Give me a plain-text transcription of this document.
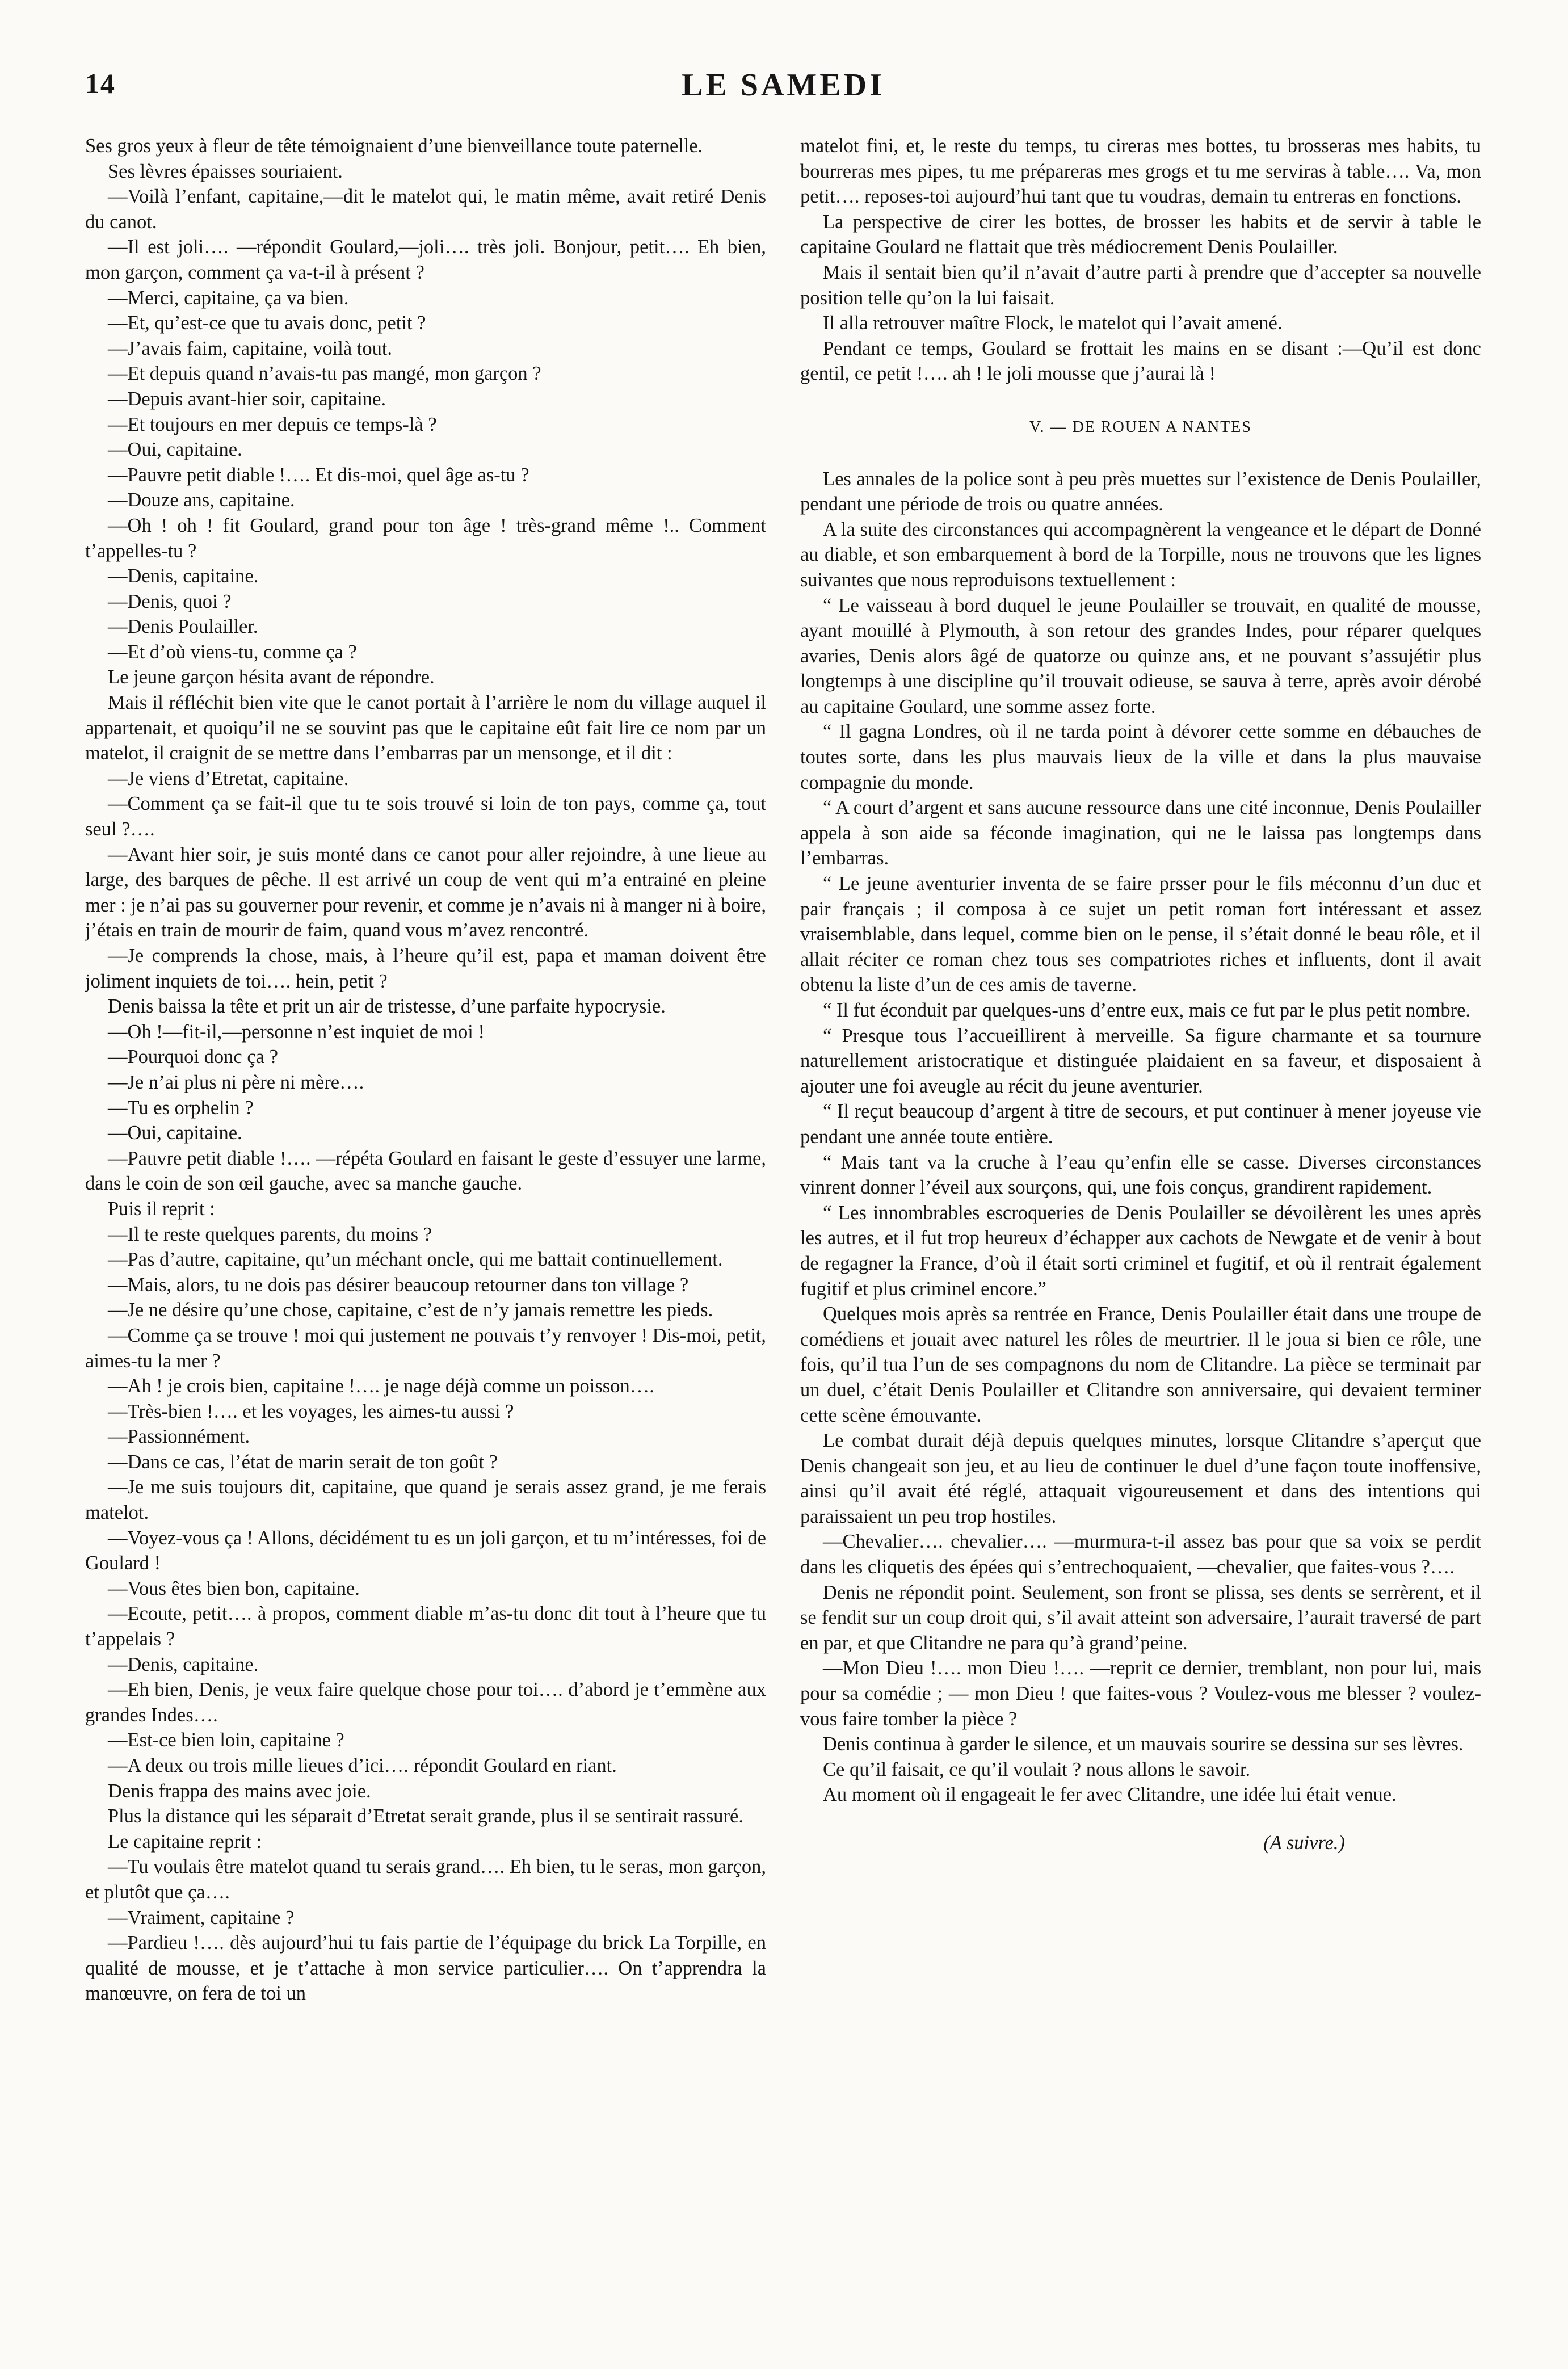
14	LE SAMEDI

Ses gros yeux à fleur de tête témoignaient d’une bienveillance toute paternelle.

Ses lèvres épaisses souriaient.

—Voilà l’enfant, capitaine,—dit le matelot qui, le matin même, avait retiré Denis du canot.

—Il est joli…. —répondit Goulard,—joli…. très joli. Bonjour, petit…. Eh bien, mon garçon, comment ça va-t-il à présent ?

—Merci, capitaine, ça va bien.

—Et, qu’est-ce que tu avais donc, petit ?

—J’avais faim, capitaine, voilà tout.

—Et depuis quand n’avais-tu pas mangé, mon garçon ?

—Depuis avant-hier soir, capitaine.

—Et toujours en mer depuis ce temps-là ?

—Oui, capitaine.

—Pauvre petit diable !…. Et dis-moi, quel âge as-tu ?

—Douze ans, capitaine.

—Oh ! oh ! fit Goulard, grand pour ton âge ! très-grand même !.. Comment t’appelles-tu ?

—Denis, capitaine.

—Denis, quoi ?

—Denis Poulailler.

—Et d’où viens-tu, comme ça ?

Le jeune garçon hésita avant de répondre.

Mais il réfléchit bien vite que le canot portait à l’arrière le nom du village auquel il appartenait, et quoiqu’il ne se souvint pas que le capitaine eût fait lire ce nom par un matelot, il craignit de se mettre dans l’embarras par un mensonge, et il dit :

—Je viens d’Etretat, capitaine.

—Comment ça se fait-il que tu te sois trouvé si loin de ton pays, comme ça, tout seul ?….

—Avant hier soir, je suis monté dans ce canot pour aller rejoindre, à une lieue au large, des barques de pêche. Il est arrivé un coup de vent qui m’a entrainé en pleine mer : je n’ai pas su gouverner pour revenir, et comme je n’avais ni à manger ni à boire, j’étais en train de mourir de faim, quand vous m’avez rencontré.

—Je comprends la chose, mais, à l’heure qu’il est, papa et maman doivent être joliment inquiets de toi…. hein, petit ?

Denis baissa la tête et prit un air de tristesse, d’une parfaite hypocrysie.

—Oh !—fit-il,—personne n’est inquiet de moi !

—Pourquoi donc ça ?

—Je n’ai plus ni père ni mère….

—Tu es orphelin ?

—Oui, capitaine.

—Pauvre petit diable !…. —répéta Goulard en faisant le geste d’essuyer une larme, dans le coin de son œil gauche, avec sa manche gauche.

Puis il reprit :

—Il te reste quelques parents, du moins ?

—Pas d’autre, capitaine, qu’un méchant oncle, qui me battait continuellement.

—Mais, alors, tu ne dois pas désirer beaucoup retourner dans ton village ?

—Je ne désire qu’une chose, capitaine, c’est de n’y jamais remettre les pieds.

—Comme ça se trouve ! moi qui justement ne pouvais t’y renvoyer ! Dis-moi, petit, aimes-tu la mer ?

—Ah ! je crois bien, capitaine !…. je nage déjà comme un poisson….

—Très-bien !…. et les voyages, les aimes-tu aussi ?

—Passionnément.

—Dans ce cas, l’état de marin serait de ton goût ?

—Je me suis toujours dit, capitaine, que quand je serais assez grand, je me ferais matelot.

—Voyez-vous ça ! Allons, décidément tu es un joli garçon, et tu m’intéresses, foi de Goulard !

—Vous êtes bien bon, capitaine.

—Ecoute, petit…. à propos, comment diable m’as-tu donc dit tout à l’heure que tu t’appelais ?

—Denis, capitaine.

—Eh bien, Denis, je veux faire quelque chose pour toi…. d’abord je t’emmène aux grandes Indes….

—Est-ce bien loin, capitaine ?

—A deux ou trois mille lieues d’ici…. répondit Goulard en riant.

Denis frappa des mains avec joie.

Plus la distance qui les séparait d’Etretat serait grande, plus il se sentirait rassuré.

Le capitaine reprit :

—Tu voulais être matelot quand tu serais grand…. Eh bien, tu le seras, mon garçon, et plutôt que ça….

—Vraiment, capitaine ?

—Pardieu !…. dès aujourd’hui tu fais partie de l’équipage du brick La Torpille, en qualité de mousse, et je t’attache à mon service particulier…. On t’apprendra la manœuvre, on fera de toi un

matelot fini, et, le reste du temps, tu cireras mes bottes, tu brosseras mes habits, tu bourreras mes pipes, tu me prépareras mes grogs et tu me serviras à table…. Va, mon petit…. reposes-toi aujourd’hui tant que tu voudras, demain tu entreras en fonctions.

La perspective de cirer les bottes, de brosser les habits et de servir à table le capitaine Goulard ne flattait que très médiocrement Denis Poulailler.

Mais il sentait bien qu’il n’avait d’autre parti à prendre que d’accepter sa nouvelle position telle qu’on la lui faisait.

Il alla retrouver maître Flock, le matelot qui l’avait amené.

Pendant ce temps, Goulard se frottait les mains en se disant :—Qu’il est donc gentil, ce petit !…. ah ! le joli mousse que j’aurai là !

V. — DE ROUEN A NANTES

Les annales de la police sont à peu près muettes sur l’existence de Denis Poulailler, pendant une période de trois ou quatre années.

A la suite des circonstances qui accompagnèrent la vengeance et le départ de Donné au diable, et son embarquement à bord de la Torpille, nous ne trouvons que les lignes suivantes que nous reproduisons textuellement :

“ Le vaisseau à bord duquel le jeune Poulailler se trouvait, en qualité de mousse, ayant mouillé à Plymouth, à son retour des grandes Indes, pour réparer quelques avaries, Denis alors âgé de quatorze ou quinze ans, et ne pouvant s’assujétir plus longtemps à une discipline qu’il trouvait odieuse, se sauva à terre, après avoir dérobé au capitaine Goulard, une somme assez forte.

“ Il gagna Londres, où il ne tarda point à dévorer cette somme en débauches de toutes sorte, dans les plus mauvais lieux de la ville et dans la plus mauvaise compagnie du monde.

“ A court d’argent et sans aucune ressource dans une cité inconnue, Denis Poulailler appela à son aide sa féconde imagination, qui ne le laissa pas longtemps dans l’embarras.

“ Le jeune aventurier inventa de se faire prsser pour le fils méconnu d’un duc et pair français ; il composa à ce sujet un petit roman fort intéressant et assez vraisemblable, dans lequel, comme bien on le pense, il s’était donné le beau rôle, et il allait réciter ce roman chez tous ses compatriotes riches et influents, dont il avait obtenu la liste d’un de ces amis de taverne.

“ Il fut éconduit par quelques-uns d’entre eux, mais ce fut par le plus petit nombre.

“ Presque tous l’accueillirent à merveille. Sa figure charmante et sa tournure naturellement aristocratique et distinguée plaidaient en sa faveur, et disposaient à ajouter une foi aveugle au récit du jeune aventurier.

“ Il reçut beaucoup d’argent à titre de secours, et put continuer à mener joyeuse vie pendant une année toute entière.

“ Mais tant va la cruche à l’eau qu’enfin elle se casse. Diverses circonstances vinrent donner l’éveil aux sourçons, qui, une fois conçus, grandirent rapidement.

“ Les innombrables escroqueries de Denis Poulailler se dévoilèrent les unes après les autres, et il fut trop heureux d’échapper aux cachots de Newgate et de venir à bout de regagner la France, d’où il était sorti criminel et fugitif, et où il rentrait également fugitif et plus criminel encore.”

Quelques mois après sa rentrée en France, Denis Poulailler était dans une troupe de comédiens et jouait avec naturel les rôles de meurtrier. Il le joua si bien ce rôle, une fois, qu’il tua l’un de ses compagnons du nom de Clitandre. La pièce se terminait par un duel, c’était Denis Poulailler et Clitandre son anniversaire, qui devaient terminer cette scène émouvante.

Le combat durait déjà depuis quelques minutes, lorsque Clitandre s’aperçut que Denis changeait son jeu, et au lieu de continuer le duel d’une façon toute inoffensive, ainsi qu’il avait été réglé, attaquait vigoureusement et dans des intentions qui paraissaient un peu trop hostiles.

—Chevalier…. chevalier…. —murmura-t-il assez bas pour que sa voix se perdit dans les cliquetis des épées qui s’entrechoquaient, —chevalier, que faites-vous ?….

Denis ne répondit point. Seulement, son front se plissa, ses dents se serrèrent, et il se fendit sur un coup droit qui, s’il avait atteint son adversaire, l’aurait traversé de part en par, et que Clitandre ne para qu’à grand’peine.

—Mon Dieu !…. mon Dieu !…. —reprit ce dernier, tremblant, non pour lui, mais pour sa comédie ; — mon Dieu ! que faites-vous ? Voulez-vous me blesser ? voulez-vous faire tomber la pièce ?

Denis continua à garder le silence, et un mauvais sourire se dessina sur ses lèvres.

Ce qu’il faisait, ce qu’il voulait ? nous allons le savoir.

Au moment où il engageait le fer avec Clitandre, une idée lui était venue.

(A suivre.)
